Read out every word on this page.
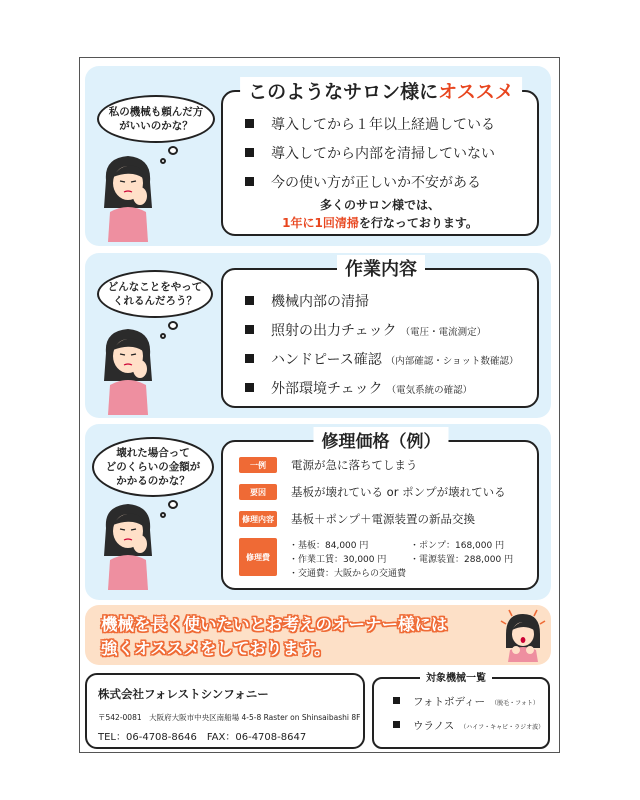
私の機械も頼んだ方
がいいのかな？
このようなサロン様にオススメ
導入してから１年以上経過している
導入してから内部を清掃していない
今の使い方が正しいか不安がある
多くのサロン様では、
1年に1回清掃を行なっております。
どんなことをやって
くれるんだろう？
作業内容
機械内部の清掃
照射の出力チェック （電圧・電流測定）
ハンドピース確認 （内部確認・ショット数確認）
外部環境チェック （電気系統の確認）
壊れた場合って
どのくらいの金額が
かかるのかな？
修理価格（例）
一例	電源が急に落ちてしまう
要因	基板が壊れている or ポンプが壊れている
修理内容 基板＋ポンプ＋電源装置の新品交換
修理費
・基板：84,000 円	・ポンプ：168,000 円
・作業工賃：30,000 円	・電源装置：288,000 円
・交通費：大阪からの交通費
機械を長く使いたいとお考えのオーナー様には
強くオススメをしております。
株式会社フォレストシンフォニー
〒542-0081　大阪府大阪市中央区南船場 4-5-8 Raster on Shinsaibashi 8F
TEL：06-4708-8646　FAX：06-4708-8647
対象機械一覧
フォトボディー （脱毛・フォト）
ウラノス （ハイフ・キャビ・ラジオ波）
